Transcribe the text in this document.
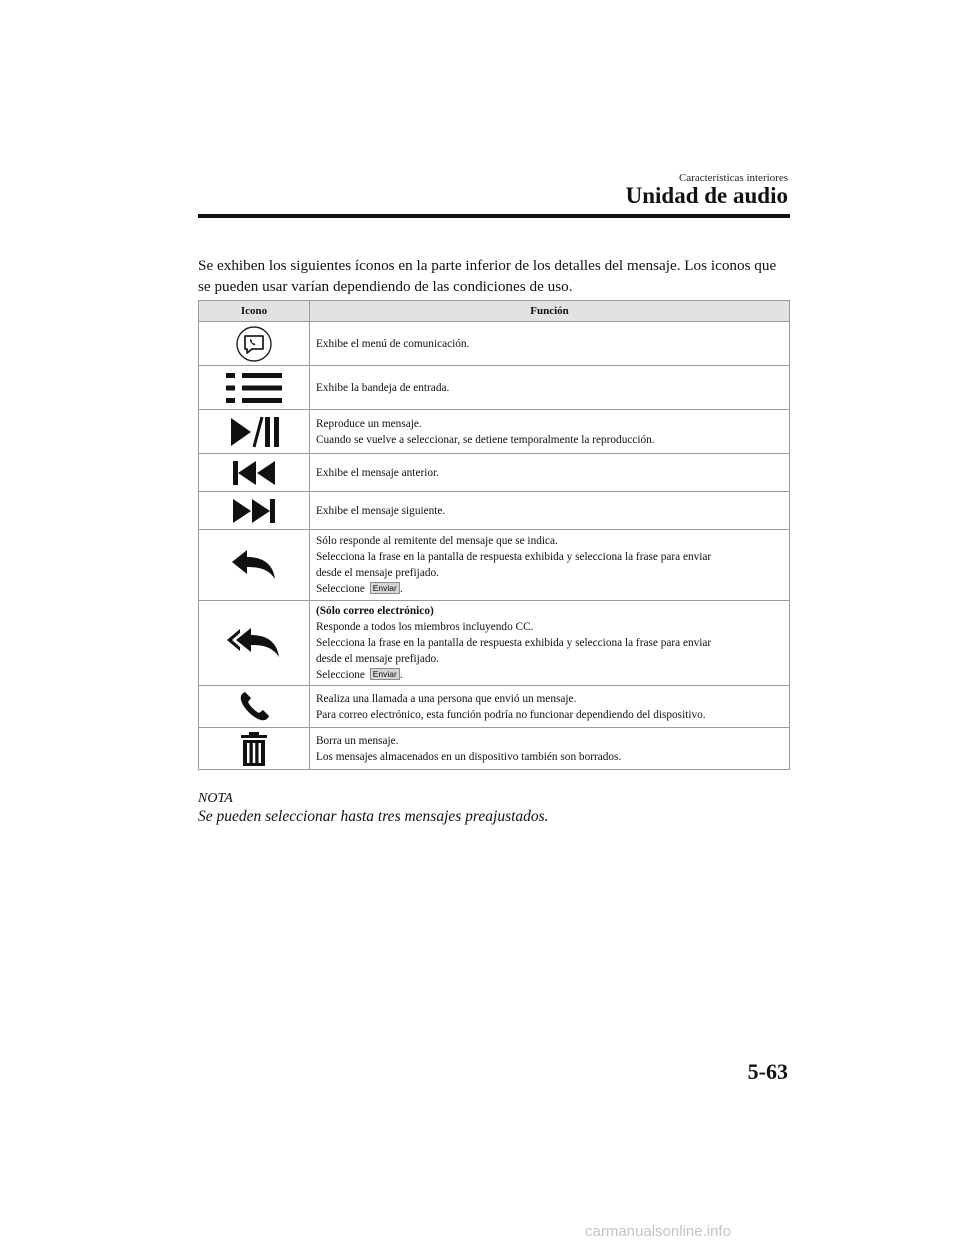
Características interiores
Unidad de audio
Se exhiben los siguientes íconos en la parte inferior de los detalles del mensaje. Los iconos que se pueden usar varían dependiendo de las condiciones de uso.
Icono	Función

Exhibe el menú de comunicación.

Exhibe la bandeja de entrada.

Reproduce un mensaje.
Cuando se vuelve a seleccionar, se detiene temporalmente la reproducción.

Exhibe el mensaje anterior.

Exhibe el mensaje siguiente.

Sólo responde al remitente del mensaje que se indica.
Selecciona la frase en la pantalla de respuesta exhibida y selecciona la frase para enviar
desde el mensaje prefijado.
Seleccione Enviar .

(Sólo correo electrónico)
Responde a todos los miembros incluyendo CC.
Selecciona la frase en la pantalla de respuesta exhibida y selecciona la frase para enviar
desde el mensaje prefijado.
Seleccione Enviar .

Realiza una llamada a una persona que envió un mensaje.
Para correo electrónico, esta función podría no funcionar dependiendo del dispositivo.

Borra un mensaje.
Los mensajes almacenados en un dispositivo también son borrados.
NOTA
Se pueden seleccionar hasta tres mensajes preajustados.
5-63
carmanualsonline.info
